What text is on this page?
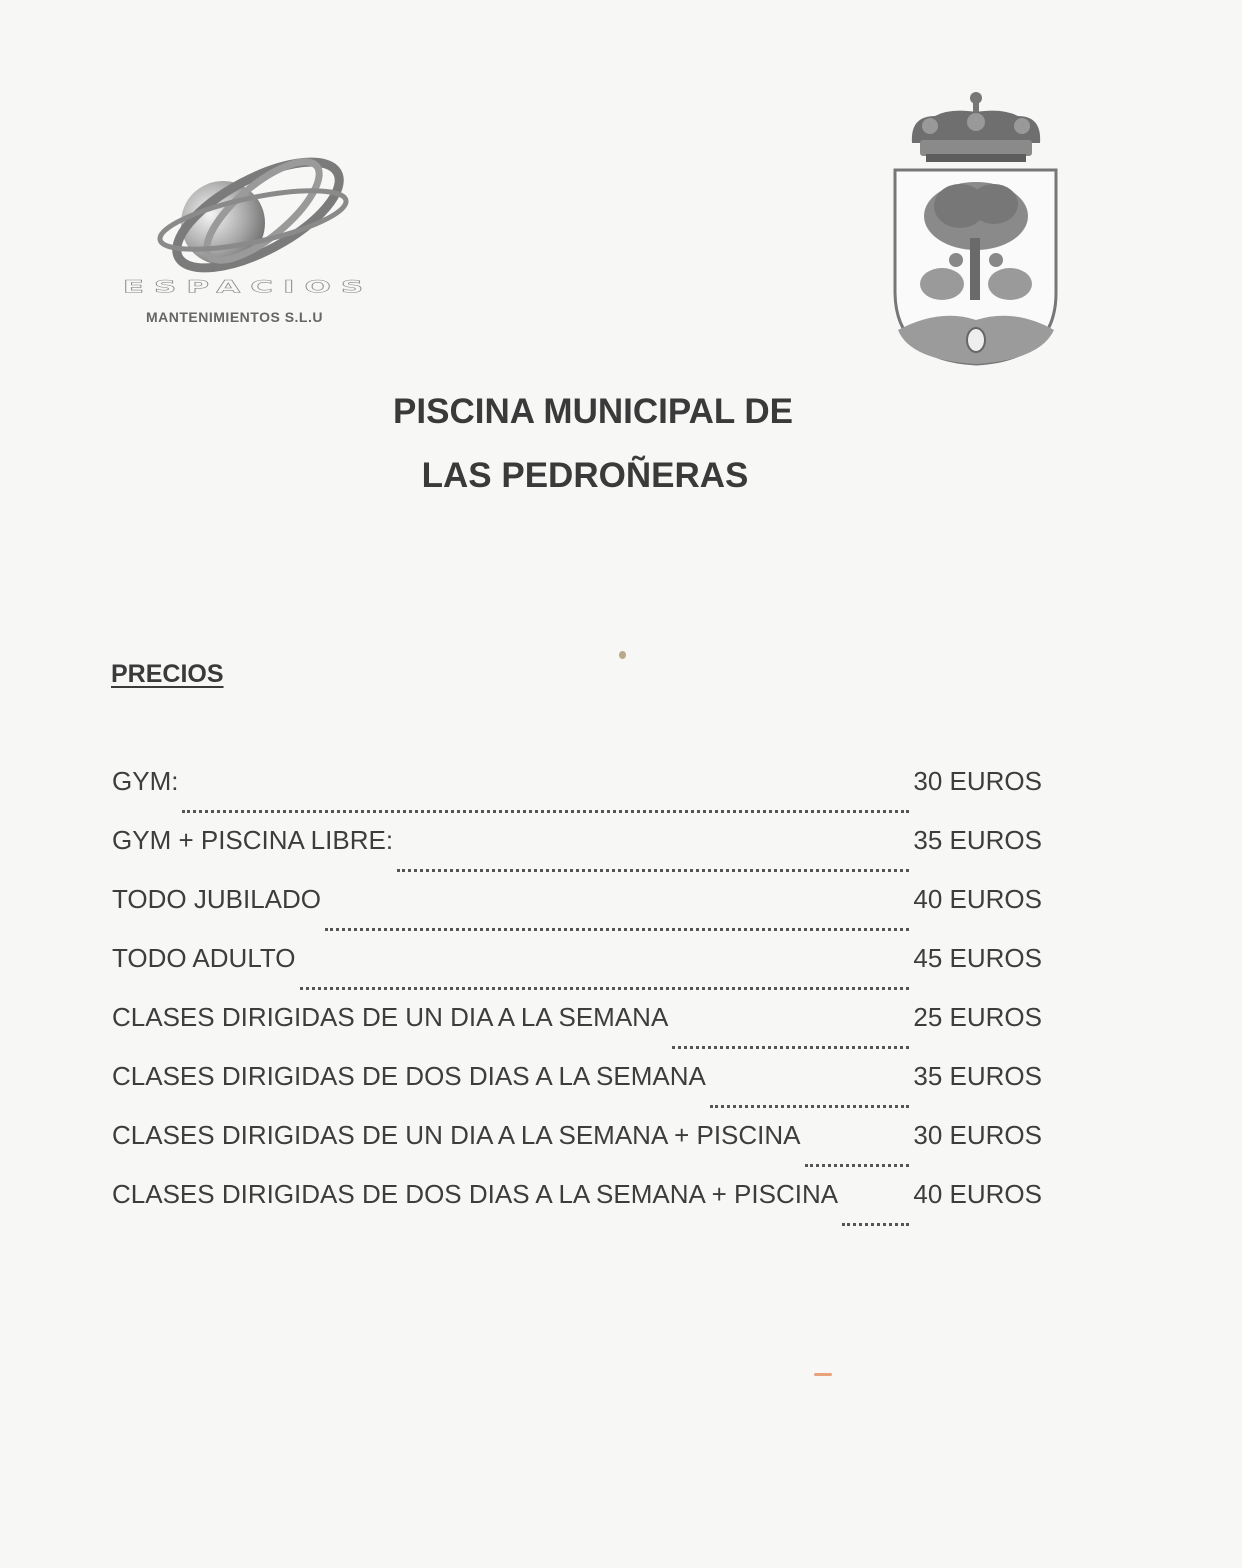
ESPACIOS
MANTENIMIENTOS S.L.U
PISCINA MUNICIPAL DE
LAS PEDROÑERAS
PRECIOS
GYM:	30 EUROS
GYM + PISCINA LIBRE:	35 EUROS
TODO JUBILADO	40 EUROS
TODO ADULTO	45 EUROS
CLASES DIRIGIDAS DE UN DIA A LA SEMANA	25 EUROS
CLASES DIRIGIDAS DE DOS DIAS A LA SEMANA	35 EUROS
CLASES DIRIGIDAS DE UN DIA A LA SEMANA + PISCINA	30 EUROS
CLASES DIRIGIDAS DE DOS DIAS A LA SEMANA + PISCINA	40 EUROS
